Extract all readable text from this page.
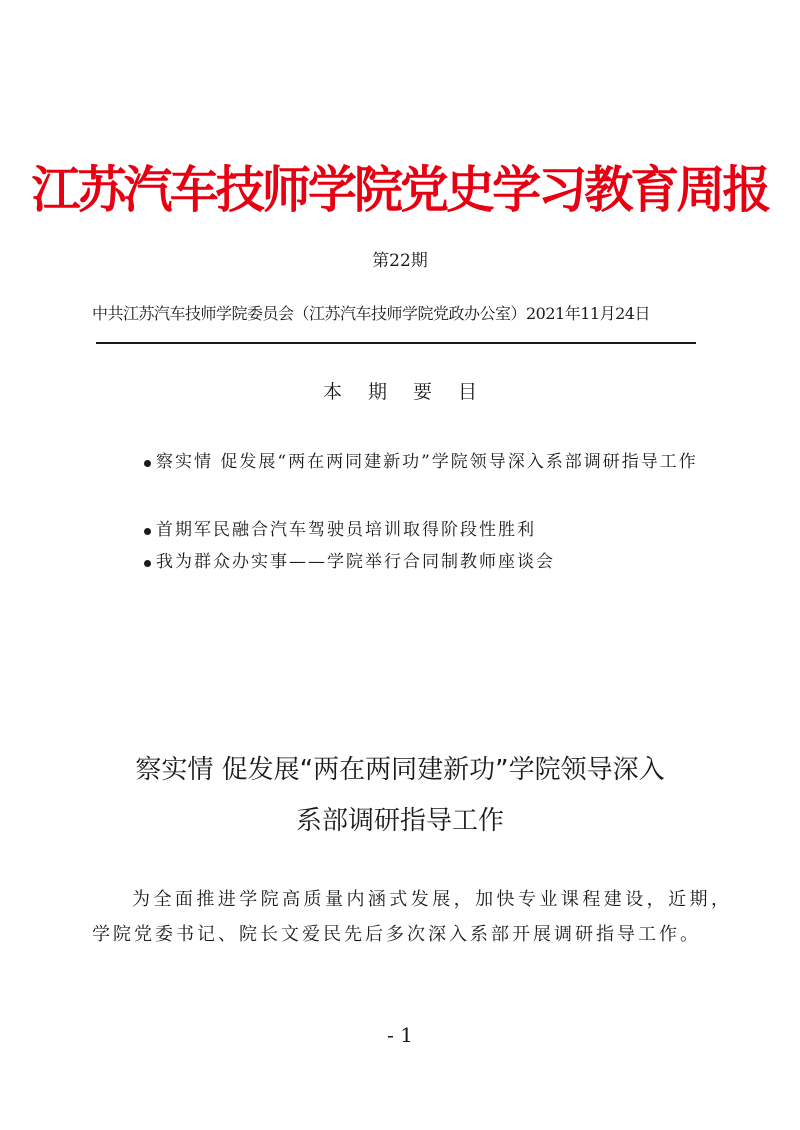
江苏汽车技师学院党史学习教育周报
第22期
中共江苏汽车技师学院委员会（江苏汽车技师学院党政办公室）2021年11月24日
本 期 要 目
察实情 促发展“两在两同建新功”学院领导深入系部调研指导工作
首期军民融合汽车驾驶员培训取得阶段性胜利
我为群众办实事——学院举行合同制教师座谈会
察实情 促发展“两在两同建新功”学院领导深入
系部调研指导工作

为全面推进学院高质量内涵式发展，加快专业课程建设，近期，学院党委书记、院长文爱民先后多次深入系部开展调研指导工作。

- 1
